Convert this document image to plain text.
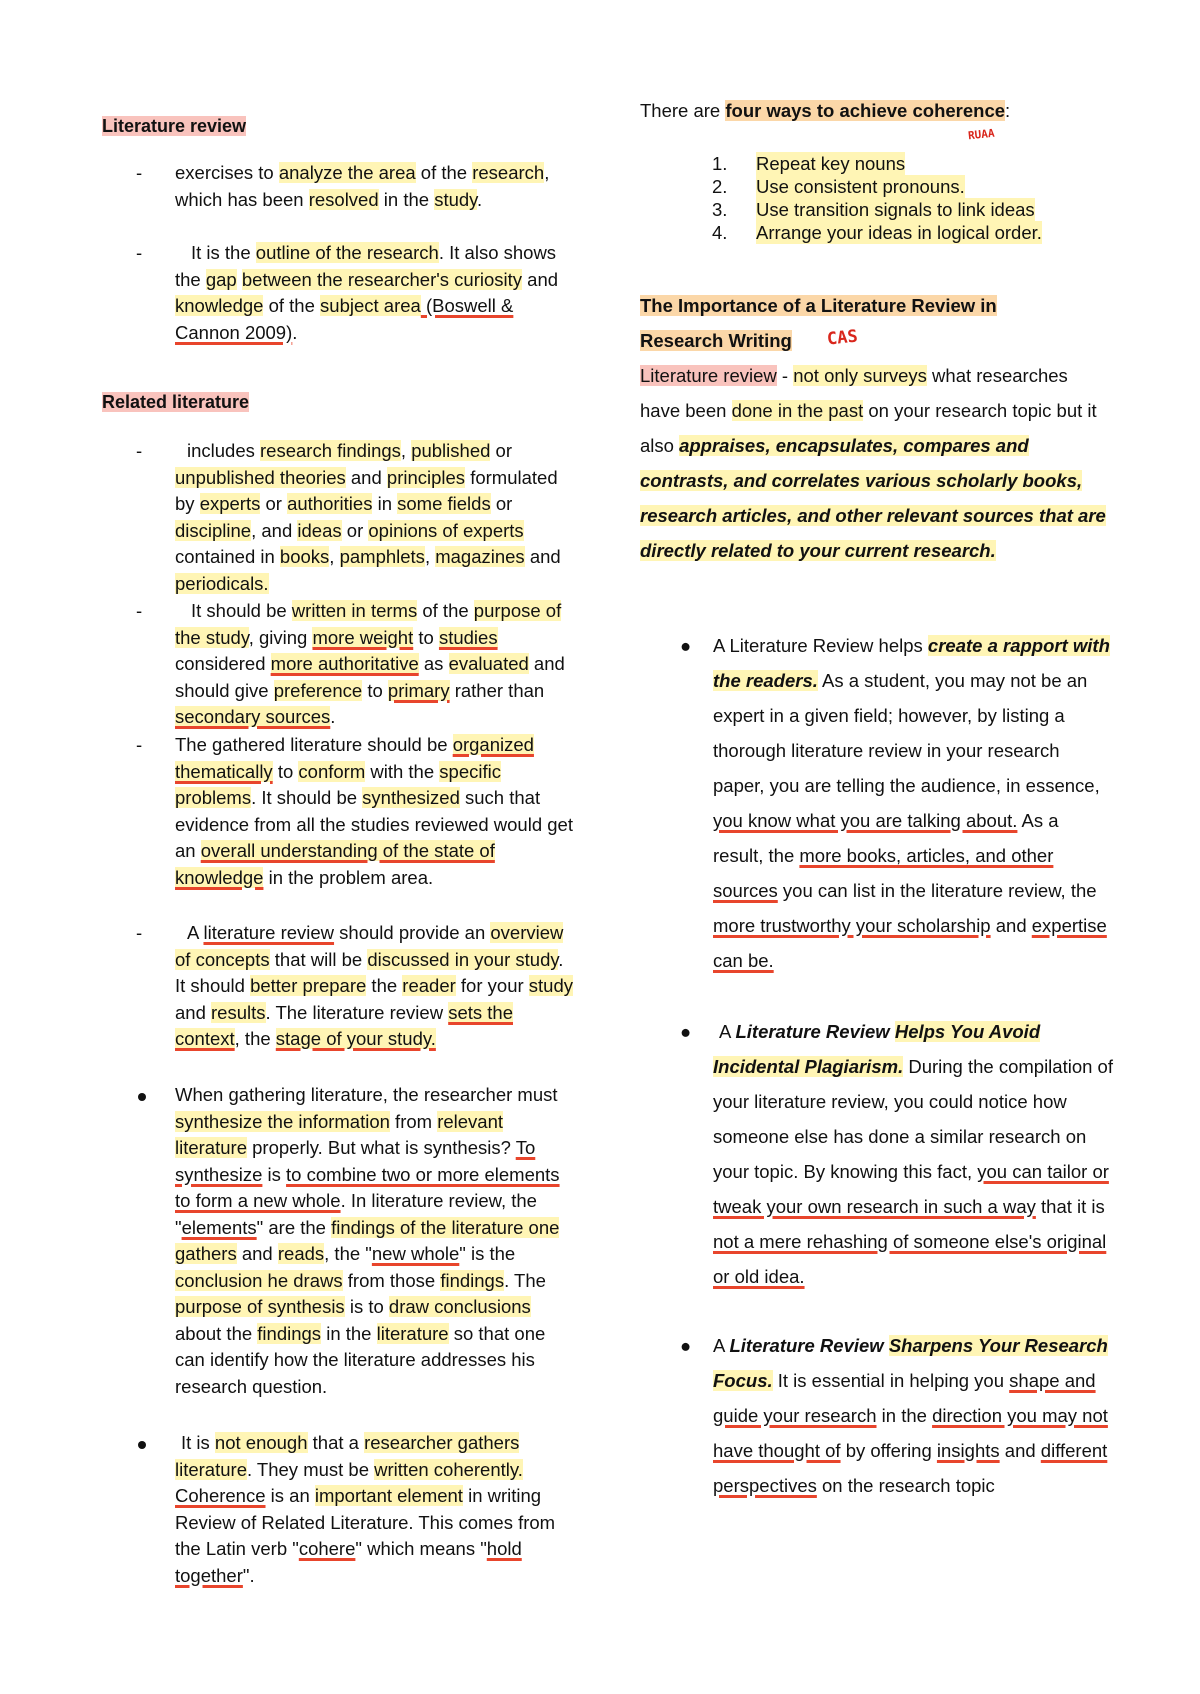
Literature review
-	exercises to analyze the area of the research, which has been resolved in the study.
-	It is the outline of the research. It also shows the gap between the researcher's curiosity and knowledge of the subject area (Boswell & Cannon 2009).
Related literature
-	includes research findings, published or unpublished theories and principles formulated by experts or authorities in some fields or discipline, and ideas or opinions of experts contained in books, pamphlets, magazines and periodicals.
-	It should be written in terms of the purpose of the study, giving more weight to studies considered more authoritative as evaluated and should give preference to primary rather than secondary sources.
-	The gathered literature should be organized thematically to conform with the specific problems. It should be synthesized such that evidence from all the studies reviewed would get an overall understanding of the state of knowledge in the problem area.
-	A literature review should provide an overview of concepts that will be discussed in your study. It should better prepare the reader for your study and results. The literature review sets the context, the stage of your study.
When gathering literature, the researcher must synthesize the information from relevant literature properly. But what is synthesis? To synthesize is to combine two or more elements to form a new whole. In literature review, the "elements" are the findings of the literature one gathers and reads, the "new whole" is the conclusion he draws from those findings. The purpose of synthesis is to draw conclusions about the findings in the literature so that one can identify how the literature addresses his research question.
It is not enough that a researcher gathers literature. They must be written coherently. Coherence is an important element in writing Review of Related Literature. This comes from the Latin verb "cohere" which means "hold together".
There are four ways to achieve coherence:
RUAA
1.	Repeat key nouns
2.	Use consistent pronouns.
3.	Use transition signals to link ideas
4.	Arrange your ideas in logical order.
The Importance of a Literature Review in
Research Writing	CAS
Literature review - not only surveys what researches have been done in the past on your research topic but it also appraises, encapsulates, compares and contrasts, and correlates various scholarly books, research articles, and other relevant sources that are directly related to your current research.
● A Literature Review helps create a rapport with the readers. As a student, you may not be an expert in a given field; however, by listing a thorough literature review in your research paper, you are telling the audience, in essence, you know what you are talking about. As a result, the more books, articles, and other sources you can list in the literature review, the more trustworthy your scholarship and expertise can be.
●	A Literature Review Helps You Avoid Incidental Plagiarism. During the compilation of your literature review, you could notice how someone else has done a similar research on your topic. By knowing this fact, you can tailor or tweak your own research in such a way that it is not a mere rehashing of someone else's original or old idea.
● A Literature Review Sharpens Your Research Focus. It is essential in helping you shape and guide your research in the direction you may not have thought of by offering insights and different perspectives on the research topic
